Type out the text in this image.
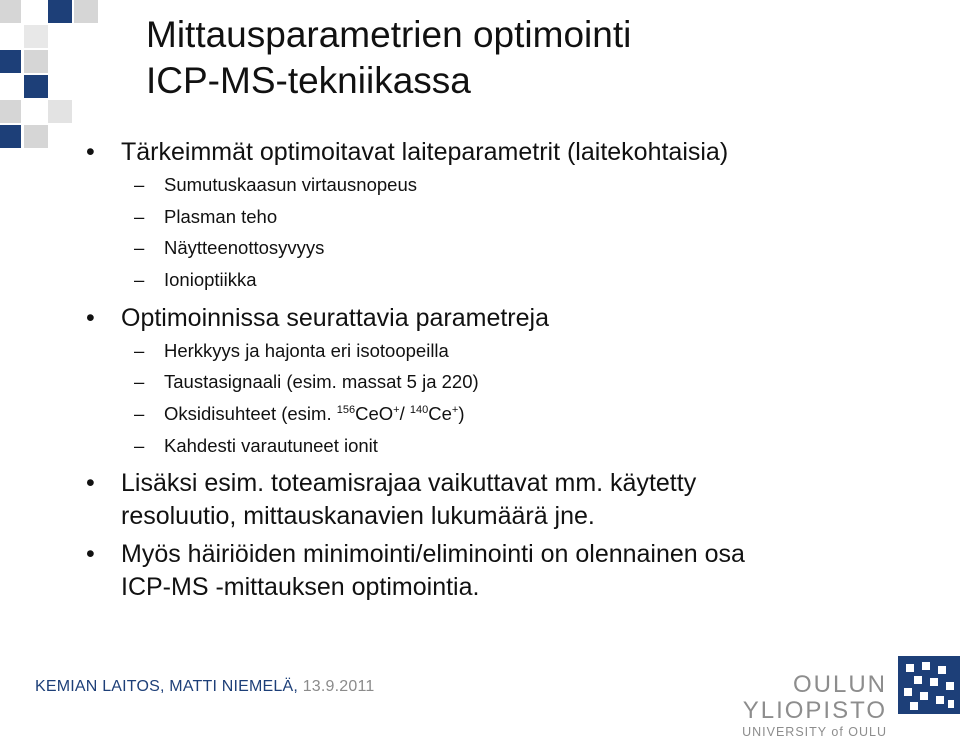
Mittausparametrien optimointi
ICP-MS-tekniikassa
• Tärkeimmät optimoitavat laiteparametrit (laitekohtaisia)
– Sumutuskaasun virtausnopeus
– Plasman teho
– Näytteenottosyvyys
– Ionioptiikka
• Optimoinnissa seurattavia parametreja
– Herkkyys ja hajonta eri isotoopeilla
– Taustasignaali (esim. massat 5 ja 220)
– Oksidisuhteet (esim. $^{156}$CeO+/ $^{140}$Ce+)
– Kahdesti varautuneet ionit
• Lisäksi esim. toteamisrajaa vaikuttavat mm. käytetty
resoluutio, mittauskanavien lukumäärä jne.
• Myös häiriöiden minimointi/eliminointi on olennainen osa
ICP-MS -mittauksen optimointia.
KEMIAN LAITOS, MATTI NIEMELÄ, 13.9.2011	OULUN YLIOPISTO
UNIVERSITY of OULU
